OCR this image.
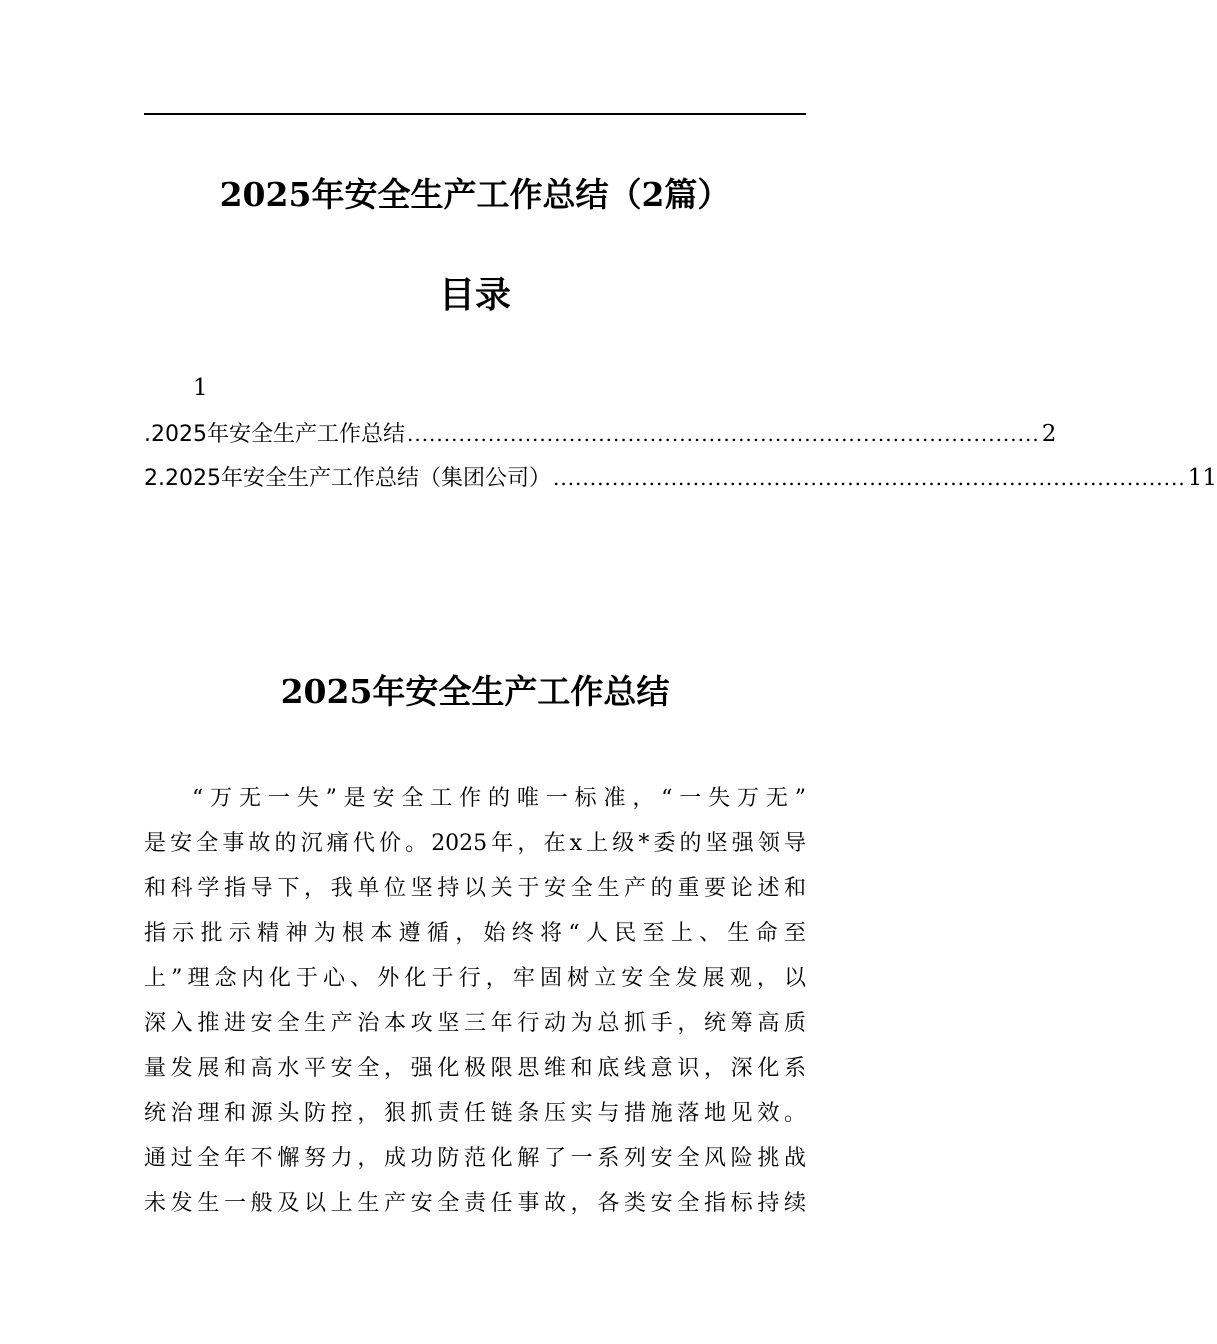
2025年安全生产工作总结（2篇）
目录
1
.2025年安全生产工作总结 ...................................................................................... 2
2.2025年安全生产工作总结（集团公司） ...................................................................................... 11
2025年安全生产工作总结
“万无一失”是安全工作的唯一标准，“一失万无”
是安全事故的沉痛代价。2025年，在x上级*委的坚强领导
和科学指导下，我单位坚持以关于安全生产的重要论述和
指示批示精神为根本遵循，始终将“人民至上、生命至
上”理念内化于心、外化于行，牢固树立安全发展观，以
深入推进安全生产治本攻坚三年行动为总抓手，统筹高质
量发展和高水平安全，强化极限思维和底线意识，深化系
统治理和源头防控，狠抓责任链条压实与措施落地见效。
通过全年不懈努力，成功防范化解了一系列安全风险挑战
未发生一般及以上生产安全责任事故，各类安全指标持续
